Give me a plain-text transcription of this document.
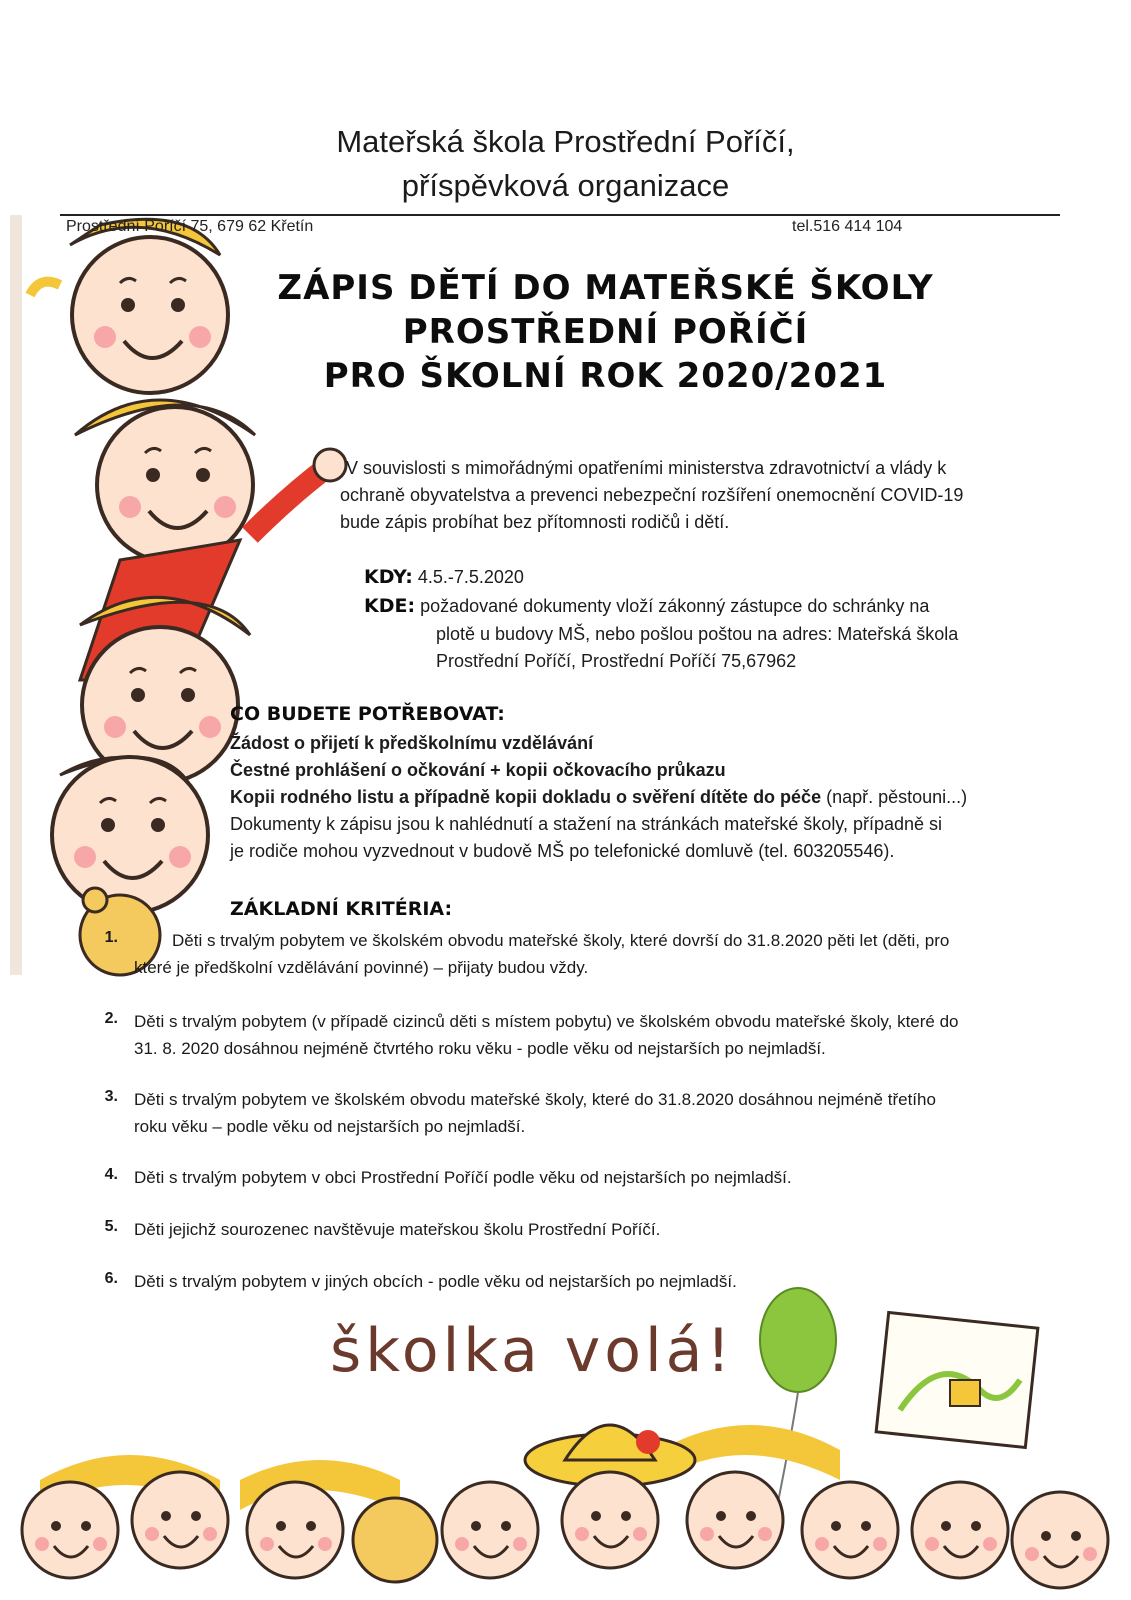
Mateřská škola Prostřední Poříčí,
příspěvková organizace
Prostřední Poříčí 75, 679 62 Křetín	tel.516 414 104
ZÁPIS DĚTÍ DO MATEŘSKÉ ŠKOLY
PROSTŘEDNÍ POŘÍČÍ
PRO ŠKOLNÍ ROK 2020/2021
V souvislosti s mimořádnými opatřeními ministerstva zdravotnictví a vlády k
ochraně obyvatelstva a prevenci nebezpeční rozšíření onemocnění COVID-19
bude zápis probíhat bez přítomnosti rodičů i dětí.
KDY: 4.5.-7.5.2020
KDE: požadované dokumenty vloží zákonný zástupce do schránky na
plotě u budovy MŠ, nebo pošlou poštou na adres: Mateřská škola
Prostřední Poříčí, Prostřední Poříčí 75,67962
CO BUDETE POTŘEBOVAT:
Žádost o přijetí k předškolnímu vzdělávání
Čestné prohlášení o očkování + kopii očkovacího průkazu
Kopii rodného listu a případně kopii dokladu o svěření dítěte do péče (např. pěstouni...)
Dokumenty k zápisu jsou k nahlédnutí a stažení na stránkách mateřské školy, případně si
je rodiče mohou vyzvednout v budově MŠ po telefonické domluvě (tel. 603205546).
ZÁKLADNÍ KRITÉRIA:
1.	Děti s trvalým pobytem ve školském obvodu mateřské školy, které dovrší do 31.8.2020 pěti let (děti, pro
které je předškolní vzdělávání povinné) – přijaty budou vždy.
2. Děti s trvalým pobytem (v případě cizinců děti s místem pobytu) ve školském obvodu mateřské školy, které do
31. 8. 2020 dosáhnou nejméně čtvrtého roku věku - podle věku od nejstarších po nejmladší.
3. Děti s trvalým pobytem ve školském obvodu mateřské školy, které do 31.8.2020 dosáhnou nejméně třetího
roku věku – podle věku od nejstarších po nejmladší.
4. Děti s trvalým pobytem v obci Prostřední Poříčí podle věku od nejstarších po nejmladší.
5. Děti jejichž sourozenec navštěvuje mateřskou školu Prostřední Poříčí.
6. Děti s trvalým pobytem v jiných obcích - podle věku od nejstarších po nejmladší.
školka volá!
